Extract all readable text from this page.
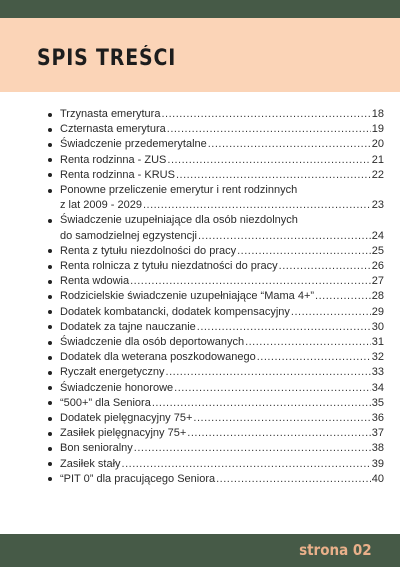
SPIS TREŚCI
Trzynasta emerytura .....	18
Czternasta emerytura .....	19
Świadczenie przedemerytalne .....	20
Renta rodzinna - ZUS .....	21
Renta rodzinna - KRUS .....	22
Ponowne przeliczenie emerytur i rent rodzinnych
z lat 2009 - 2029 .....	23
Świadczenie uzupełniające dla osób niezdolnych
do samodzielnej egzystencji .....	24
Renta z tytułu niezdolności do pracy .....	25
Renta rolnicza z tytułu niezdatności do pracy .....	26
Renta wdowia .....	27
Rodzicielskie świadczenie uzupełniające “Mama 4+” .....	28
Dodatek kombatancki, dodatek kompensacyjny .....	29
Dodatek za tajne nauczanie .....	30
Świadczenie dla osób deportowanych .....	31
Dodatek dla weterana poszkodowanego .....	32
Ryczałt energetyczny .....	33
Świadczenie honorowe .....	34
“500+” dla Seniora .....	35
Dodatek pielęgnacyjny 75+ .....	36
Zasiłek pielęgnacyjny 75+ .....	37
Bon senioralny .....	38
Zasiłek stały .....	39
“PIT 0” dla pracującego Seniora .....	40
strona 02
